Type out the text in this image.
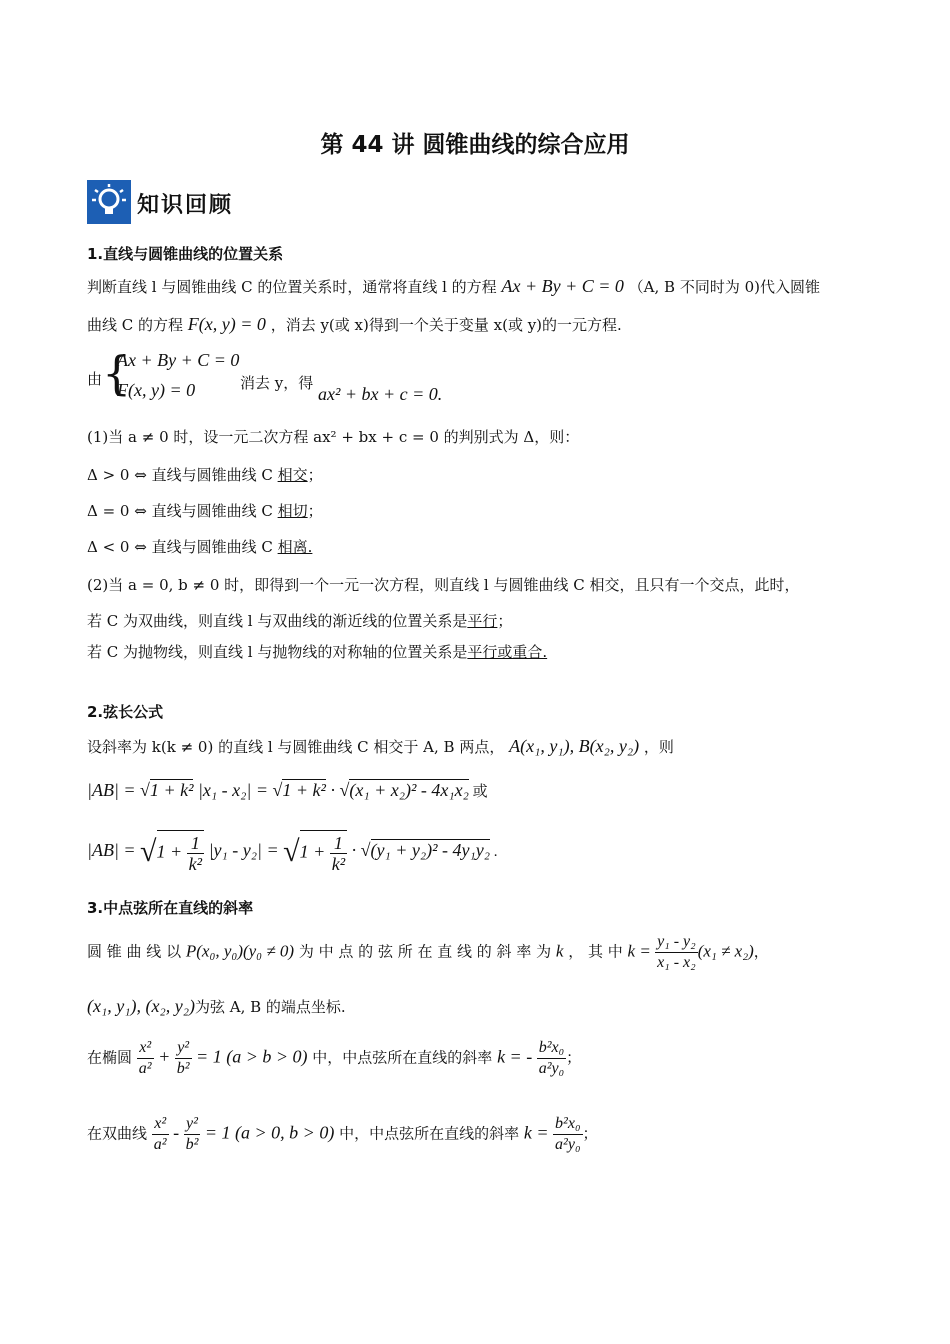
第 44 讲 圆锥曲线的综合应用
知识回顾
1.直线与圆锥曲线的位置关系
判断直线 l 与圆锥曲线 C 的位置关系时，通常将直线 l 的方程 Ax + By + C = 0 （A, B 不同时为 0)代入圆锥
曲线 C 的方程 F(x, y) = 0 ，消去 y(或 x)得到一个关于变量 x(或 y)的一元方程.
由 {
Ax + By + C = 0
F(x, y) = 0	消去 y，得
ax² + bx + c = 0.
(1)当 a ≠ 0 时，设一元二次方程 ax² + bx + c = 0 的判别式为 Δ，则：
Δ > 0 ⇔ 直线与圆锥曲线 C 相交；
Δ = 0 ⇔ 直线与圆锥曲线 C 相切；
Δ < 0 ⇔ 直线与圆锥曲线 C 相离.
(2)当 a = 0, b ≠ 0 时，即得到一个一元一次方程，则直线 l 与圆锥曲线 C 相交，且只有一个交点，此时，
若 C 为双曲线，则直线 l 与双曲线的渐近线的位置关系是平行；
若 C 为抛物线，则直线 l 与抛物线的对称轴的位置关系是平行或重合.
2.弦长公式
设斜率为 k(k ≠ 0) 的直线 l 与圆锥曲线 C 相交于 A, B 两点， A(x₁, y₁), B(x₂, y₂) ，则
|AB| = √1 + k² |x₁ - x₂| = √1 + k² · √(x₁ + x₂)² - 4x₁x₂ 或
$|AB| = √1 + \frac{1}{\text{k²}} |y_1 - y_2| = √1 + \frac{1}{\text{k²}} \cdot √(y_1 + y_2)^2 - 4y_1y_2$ .
3.中点弦所在直线的斜率
圆 锥 曲 线 以 P(x₀, y₀)(y₀ ≠ 0) 为 中 点 的 弦 所 在 直 线 的 斜 率 为 k ， 其 中 $k = \frac{\text{y₁ - y₂}}{\text{x₁ - x₂}} (x_1 \ne x_2)$，
(x₁, y₁), (x₂, y₂)为弦 A, B 的端点坐标.
在椭圆 $\frac{\text{x²}}{\text{a²}} + \frac{\text{y²}}{\text{b²}} = 1$ (a > b > 0) 中，中点弦所在直线的斜率 k = - $\frac{\text{b²x₀}}{\text{a²y₀}}$ ；
在双曲线 $\frac{\text{x²}}{\text{a²}} - \frac{\text{y²}}{\text{b²}} = 1$ (a > 0, b > 0) 中，中点弦所在直线的斜率 $k = \frac{\text{b²x₀}}{\text{a²y₀}}$ ；
